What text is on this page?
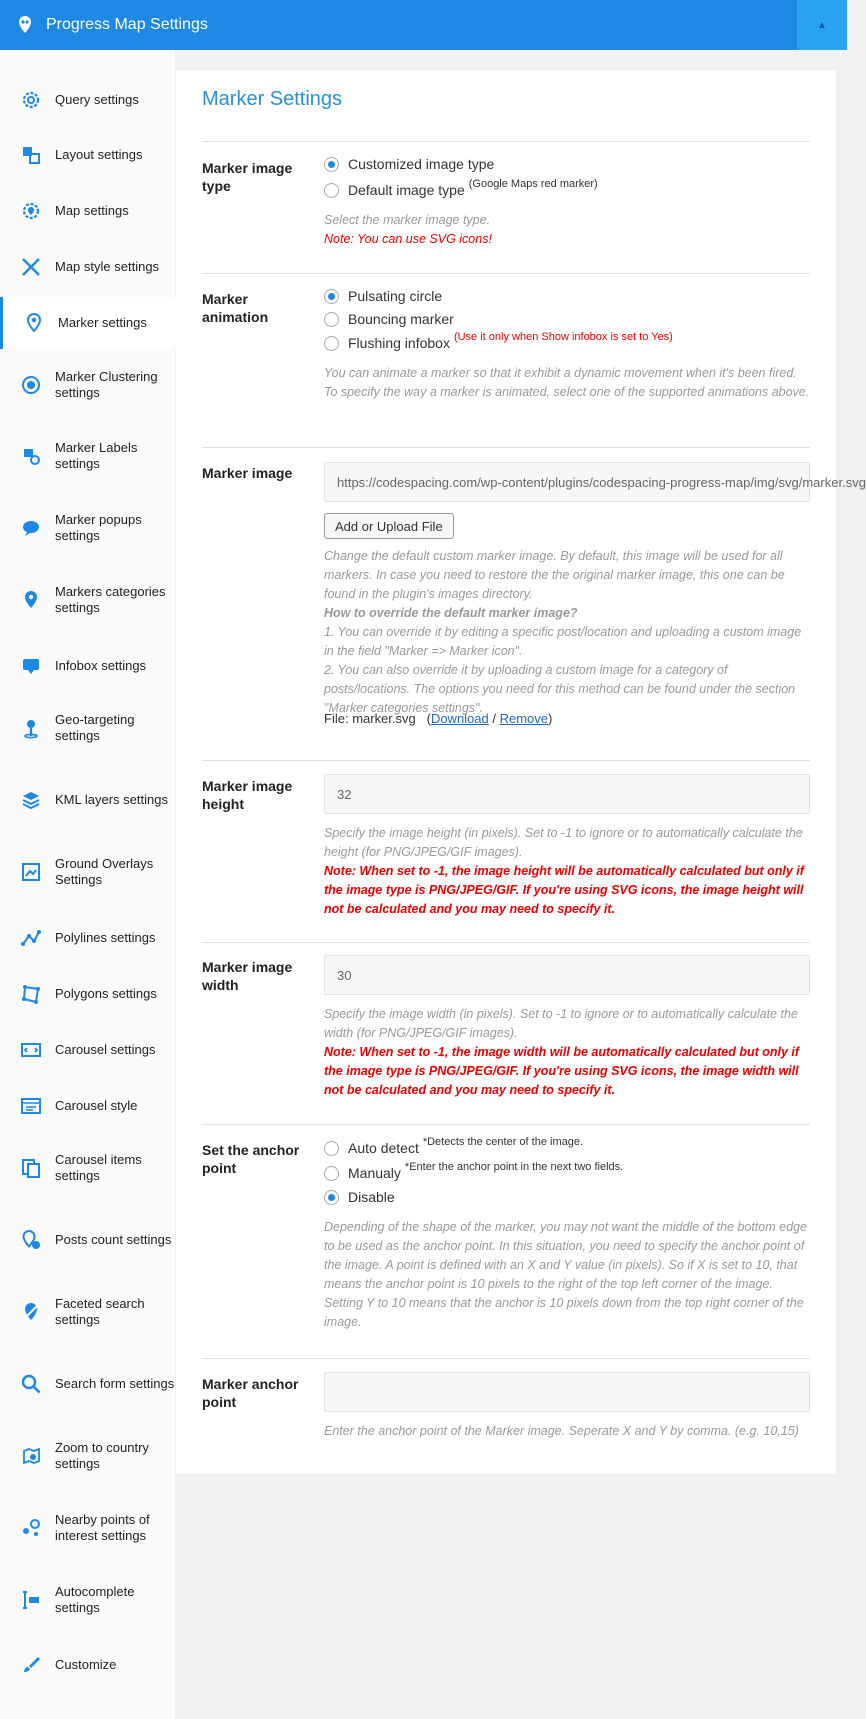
Progress Map Settings	▲
Query settings
Layout settings
Map settings
Map style settings
Marker settings
Marker Clustering settings
Marker Labels settings
Marker popups settings
Markers categories settings
Infobox settings
Geo-targeting settings
KML layers settings
Ground Overlays Settings
Polylines settings
Polygons settings
Carousel settings
Carousel style
Carousel items settings
Posts count settings
Faceted search settings
Search form settings
Zoom to country settings
Nearby points of interest settings
Autocomplete settings
Customize
Marker Settings
Marker image type
Customized image type
Default image type (Google Maps red marker)
Select the marker image type.
Note: You can use SVG icons!
Marker animation
Pulsating circle
Bouncing marker
Flushing infobox (Use it only when Show infobox is set to Yes)
You can animate a marker so that it exhibit a dynamic movement when it's been fired. To specify the way a marker is animated, select one of the supported animations above.
Marker image
https://codespacing.com/wp-content/plugins/codespacing-progress-map/img/svg/marker.svg
Add or Upload File
Change the default custom marker image. By default, this image will be used for all markers. In case you need to restore the the original marker image, this one can be found in the plugin's images directory.
How to override the default marker image?
1. You can override it by editing a specific post/location and uploading a custom image in the field "Marker => Marker icon".
2. You can also override it by uploading a custom image for a category of posts/locations. The options you need for this method can be found under the section "Marker categories settings".
File: marker.svg   (Download / Remove)
Marker image height
32
Specify the image height (in pixels). Set to -1 to ignore or to automatically calculate the height (for PNG/JPEG/GIF images).
Note: When set to -1, the image height will be automatically calculated but only if the image type is PNG/JPEG/GIF. If you're using SVG icons, the image height will not be calculated and you may need to specify it.
Marker image width
30
Specify the image width (in pixels). Set to -1 to ignore or to automatically calculate the width (for PNG/JPEG/GIF images).
Note: When set to -1, the image width will be automatically calculated but only if the image type is PNG/JPEG/GIF. If you're using SVG icons, the image width will not be calculated and you may need to specify it.
Set the anchor point
Auto detect *Detects the center of the image.
Manualy *Enter the anchor point in the next two fields.
Disable
Depending of the shape of the marker, you may not want the middle of the bottom edge to be used as the anchor point. In this situation, you need to specify the anchor point of the image. A point is defined with an X and Y value (in pixels). So if X is set to 10, that means the anchor point is 10 pixels to the right of the top left corner of the image. Setting Y to 10 means that the anchor is 10 pixels down from the top right corner of the image.
Marker anchor point
Enter the anchor point of the Marker image. Seperate X and Y by comma. (e.g. 10,15)
